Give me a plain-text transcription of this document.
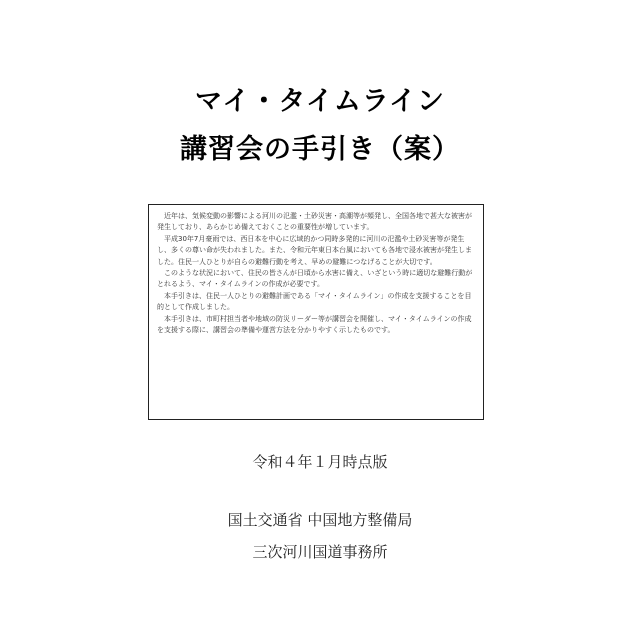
マイ・タイムライン
講習会の手引き（案）

近年は、気候変動の影響による河川の氾濫・土砂災害・高潮等が頻発し、全国各地で甚大な被害が発生しており、あらかじめ備えておくことの重要性が増しています。

平成30年7月豪雨では、西日本を中心に広域的かつ同時多発的に河川の氾濫や土砂災害等が発生し、多くの尊い命が失われました。また、令和元年東日本台風においても各地で浸水被害が発生しました。住民一人ひとりが自らの避難行動を考え、早めの避難につなげることが大切です。

このような状況において、住民の皆さんが日頃から水害に備え、いざという時に適切な避難行動がとれるよう、マイ・タイムラインの作成が必要です。

本手引きは、住民一人ひとりの避難計画である「マイ・タイムライン」の作成を支援することを目的として作成しました。

本手引きは、市町村担当者や地域の防災リーダー等が講習会を開催し、マイ・タイムラインの作成を支援する際に、講習会の準備や運営方法を分かりやすく示したものです。

令和４年１月時点版
国土交通省 中国地方整備局
三次河川国道事務所
